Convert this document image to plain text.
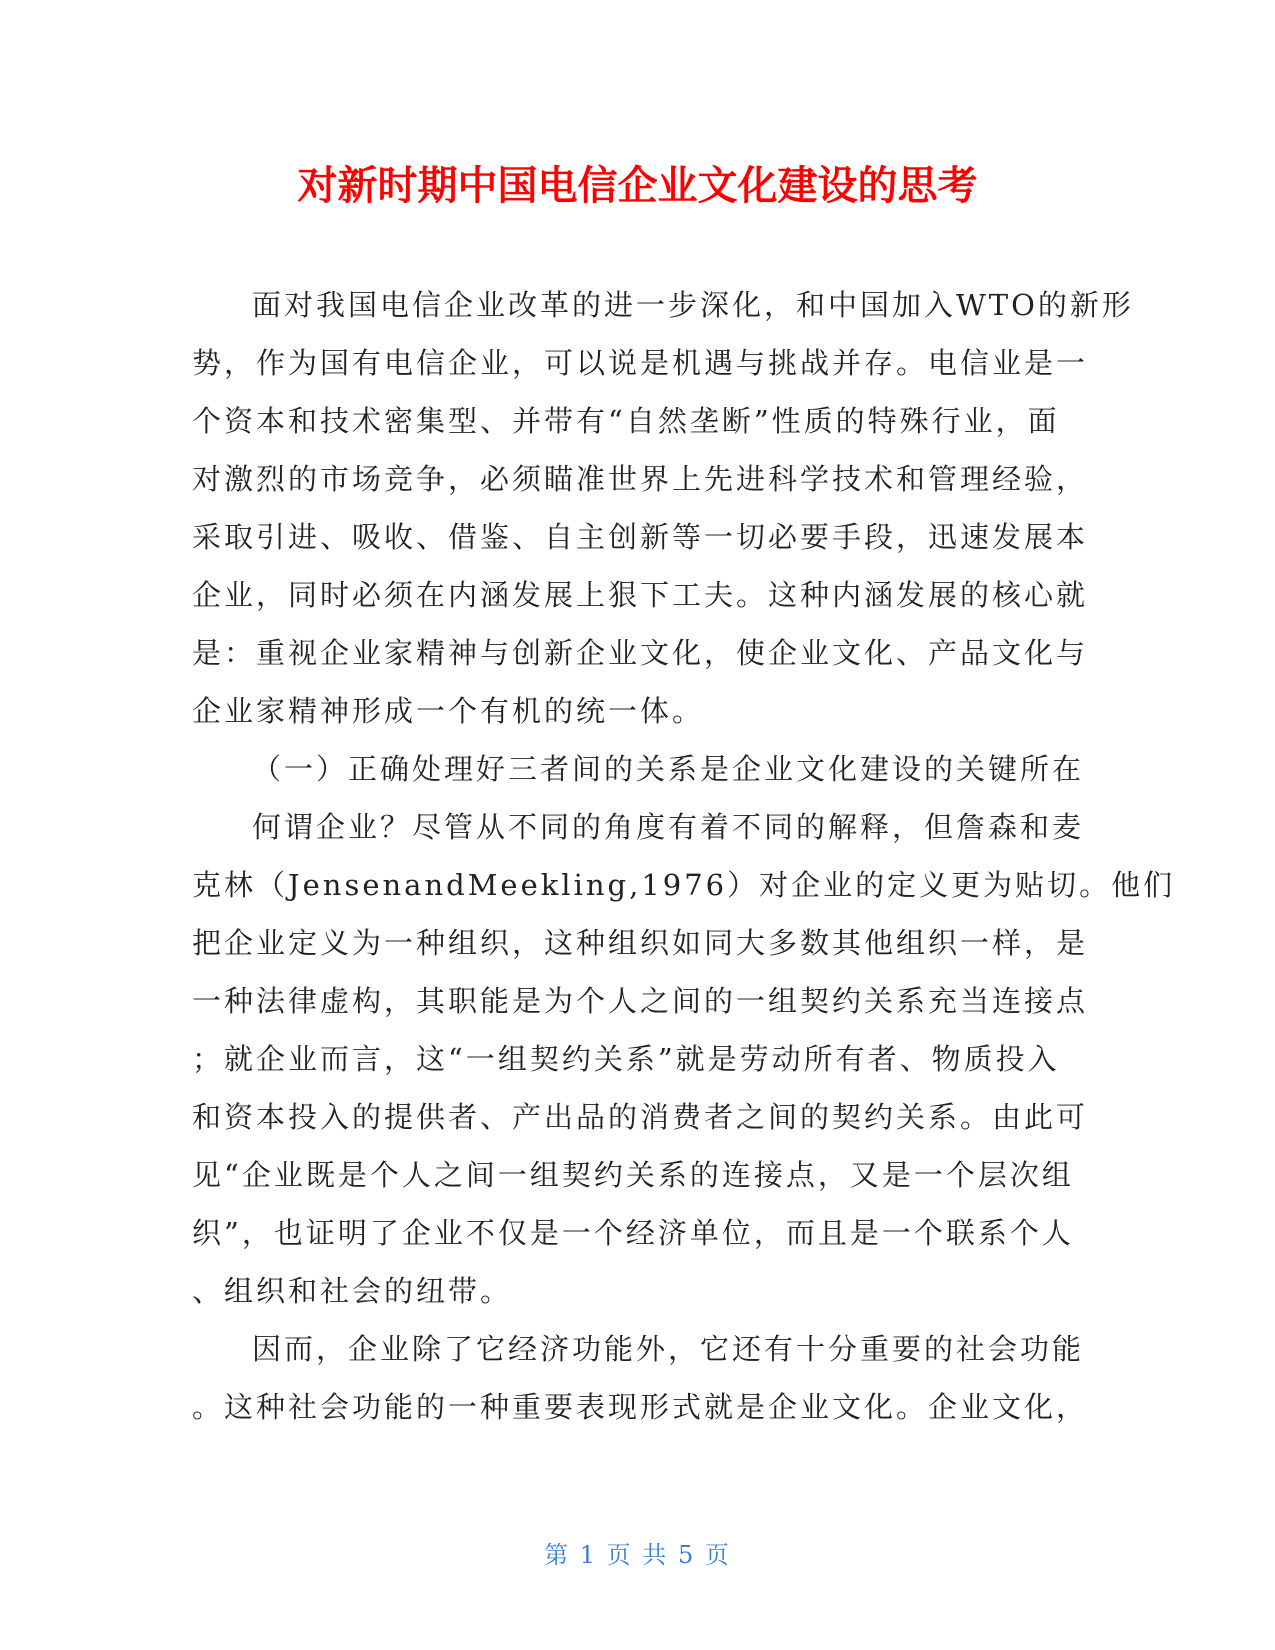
对新时期中国电信企业文化建设的思考
面对我国电信企业改革的进一步深化，和中国加入WTO的新形
势，作为国有电信企业，可以说是机遇与挑战并存。电信业是一
个资本和技术密集型、并带有“自然垄断”性质的特殊行业，面
对激烈的市场竞争，必须瞄准世界上先进科学技术和管理经验，
采取引进、吸收、借鉴、自主创新等一切必要手段，迅速发展本
企业，同时必须在内涵发展上狠下工夫。这种内涵发展的核心就
是：重视企业家精神与创新企业文化，使企业文化、产品文化与
企业家精神形成一个有机的统一体。
（一）正确处理好三者间的关系是企业文化建设的关键所在
何谓企业？尽管从不同的角度有着不同的解释，但詹森和麦
克林（JensenandMeekling,1976）对企业的定义更为贴切。他们
把企业定义为一种组织，这种组织如同大多数其他组织一样，是
一种法律虚构，其职能是为个人之间的一组契约关系充当连接点
；就企业而言，这“一组契约关系”就是劳动所有者、物质投入
和资本投入的提供者、产出品的消费者之间的契约关系。由此可
见“企业既是个人之间一组契约关系的连接点，又是一个层次组
织”，也证明了企业不仅是一个经济单位，而且是一个联系个人
、组织和社会的纽带。
因而，企业除了它经济功能外，它还有十分重要的社会功能
。这种社会功能的一种重要表现形式就是企业文化。企业文化，
第 1 页 共 5 页
